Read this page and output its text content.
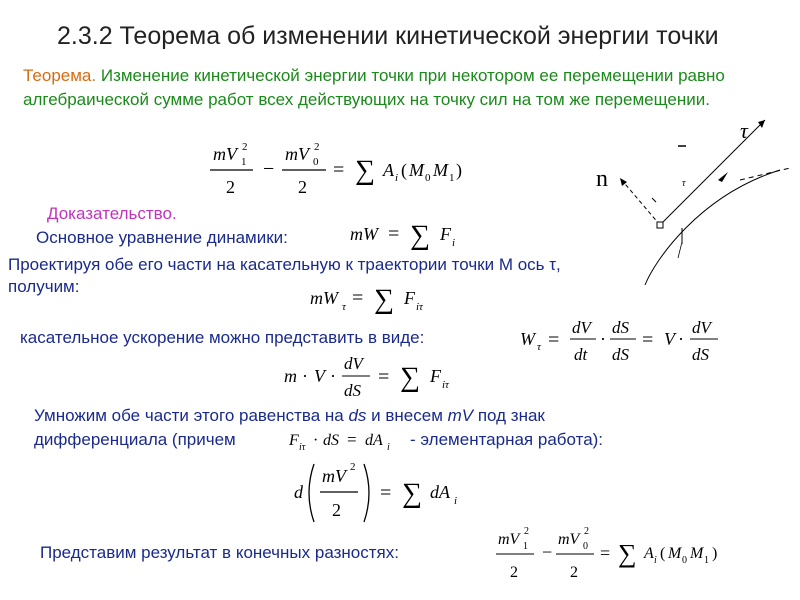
2.3.2 Теорема об изменении кинетической энергии точки
Теорема. Изменение кинетической энергии точки при некотором ее перемещении равно алгебраической сумме работ всех действующих на точку сил на том же перемещении.
mV 1
2
2
−
mV 0
2
2
= ∑ A i ( M 0 M 1 )
Доказательство.
Основное уравнение динамики:	mW = ∑ F i
Проектируя обе его части на касательную к траектории точки М ось τ, получим:
mW τ = ∑ F iτ
касательное ускорение можно представить в виде:	W τ =
dV
dt
·
dS
dS
= V ·
dV
dS
m · V ·
dV
dS
= ∑ F iτ
Умножим обе части этого равенства на ds и внесем mV под знак
дифференциала (причем	F iτ · dS = dA i - элементарная работа):
d
mV 2
2
= ∑ dA i
Представим результат в конечных разностях:
mV 1
2
2
−
mV 0
2
2
= ∑ A i ( M 0 M 1 )
τ
n	τ
